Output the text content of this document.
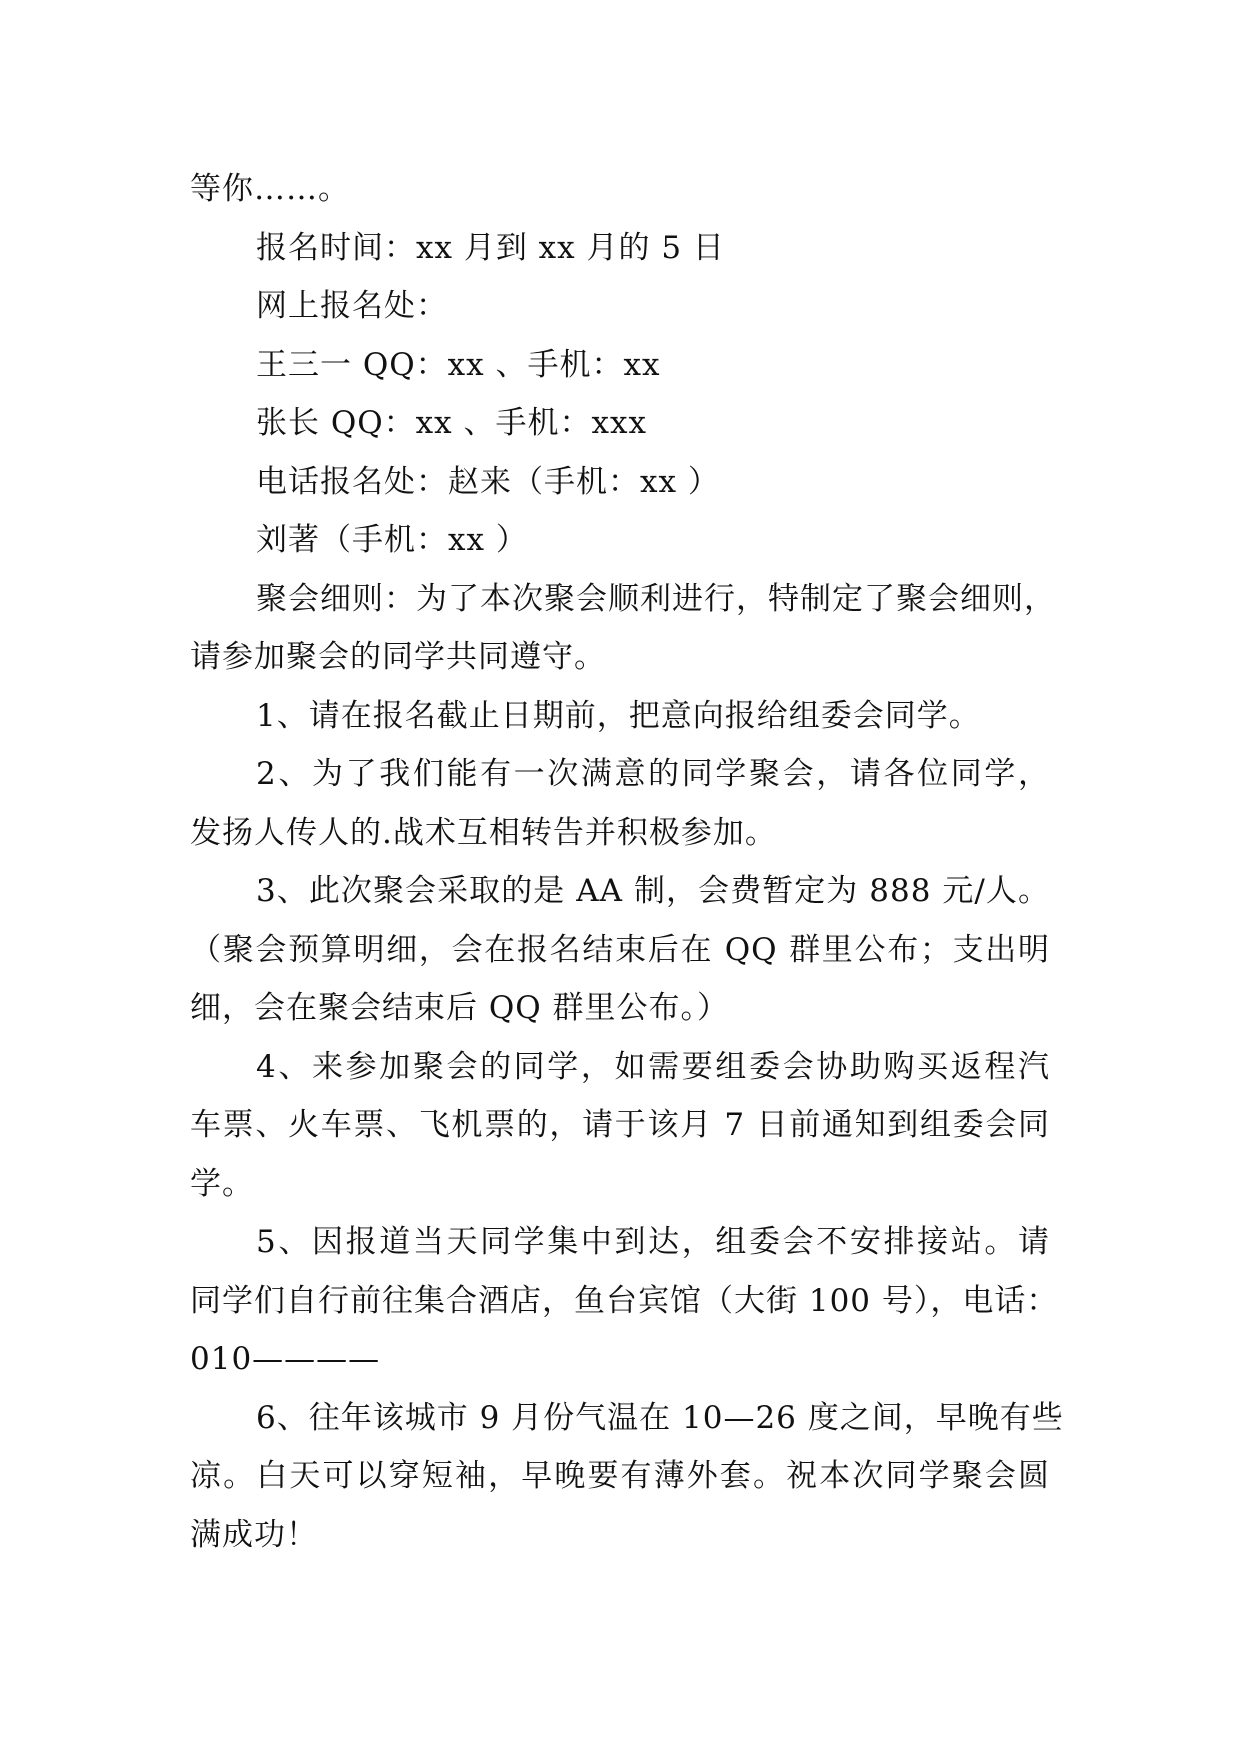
等你……。
报名时间：xx 月到 xx 月的 5 日
网上报名处：
王三一 QQ：xx 、手机：xx
张长 QQ：xx 、手机：xxx
电话报名处：赵来（手机：xx ）
刘著（手机：xx ）
聚会细则：为了本次聚会顺利进行，特制定了聚会细则，
请参加聚会的同学共同遵守。
1、请在报名截止日期前，把意向报给组委会同学。
2、为了我们能有一次满意的同学聚会，请各位同学，
发扬人传人的.战术互相转告并积极参加。
3、此次聚会采取的是 AA 制，会费暂定为 888 元/人。
（聚会预算明细，会在报名结束后在 QQ 群里公布；支出明
细，会在聚会结束后 QQ 群里公布。）
4、来参加聚会的同学，如需要组委会协助购买返程汽
车票、火车票、飞机票的，请于该月 7 日前通知到组委会同
学。
5、因报道当天同学集中到达，组委会不安排接站。请
同学们自行前往集合酒店，鱼台宾馆（大街 100 号），电话：
010————
6、往年该城市 9 月份气温在 10—26 度之间，早晚有些
凉。白天可以穿短袖，早晚要有薄外套。祝本次同学聚会圆
满成功！
